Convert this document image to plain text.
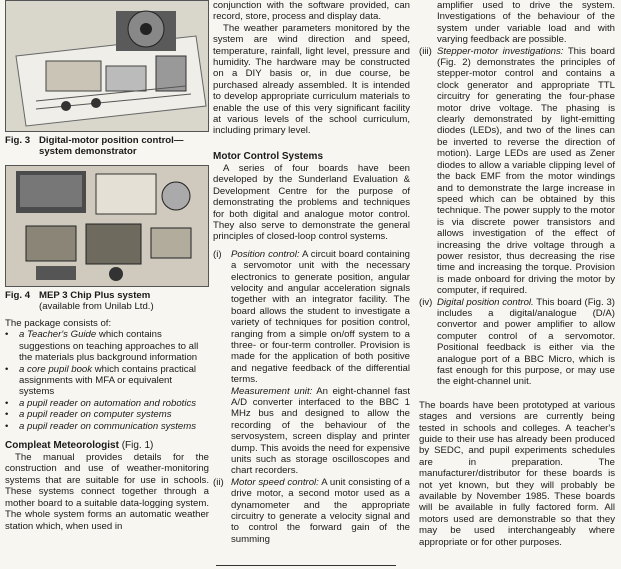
Fig. 3 Digital-motor position control—system demonstrator
Fig. 4 MEP 3 Chip Plus system
(available from Unilab Ltd.)

The package consists of:

•	a Teacher's Guide which contains suggestions on teaching approaches to all the materials plus background information
•	a core pupil book which contains practical assignments with MFA or equivalent systems
•	a pupil reader on automation and robotics
•	a pupil reader on computer systems
•	a pupil reader on communication systems
Compleat Meteorologist (Fig. 1)

The manual provides details for the construction and use of weather-monitoring systems that are suitable for use in schools. These systems connect together through a mother board to a suitable data-logging system. The whole system forms an automatic weather station which, when used in

conjunction with the software provided, can record, store, process and display data.

The weather parameters monitored by the system are wind direction and speed, temperature, rainfall, light level, pressure and humidity. The hardware may be constructed on a DIY basis or, in due course, be purchased already assembled. It is intended to develop appropriate curriculum materials to enable the use of this very significant facility at various levels of the school curriculum, including primary level.

Motor Control Systems

A series of four boards have been developed by the Sunderland Evaluation & Development Centre for the purpose of demonstrating the problems and techniques for both digital and analogue motor control. They also serve to demonstrate the general principles of closed-loop control systems.

(i) Position control: A circuit board containing a servomotor unit with the necessary electronics to generate position, angular velocity and angular acceleration signals together with an integrator facility. The board allows the student to investigate a variety of techniques for position control, ranging from a simple on/off system to a three- or four-term controller. Provision is made for the application of both positive and negative feedback of the differential terms.

Measurement unit: An eight-channel fast A/D converter interfaced to the BBC 1 MHz bus and designed to allow the recording of the behaviour of the servosystem, screen display and printer dump. This avoids the need for expensive units such as storage oscilloscopes and chart recorders.

(ii) Motor speed control: A unit consisting of a drive motor, a second motor used as a dynamometer and the appropriate circuitry to generate a velocity signal and to control the forward gain of the summing

amplifier used to drive the system. Investigations of the behaviour of the system under variable load and with varying feedback are possible.

(iii) Stepper-motor investigations: This board (Fig. 2) demonstrates the principles of stepper-motor control and contains a clock generator and appropriate TTL circuitry for generating the four-phase motor drive voltage. The phasing is clearly demonstrated by light-emitting diodes (LEDs), and two of the lines can be inverted to reverse the direction of motion). Large LEDs are used as Zener diodes to allow a variable clipping level of the back EMF from the motor windings and to demonstrate the large increase in speed which can be obtained by this technique. The power supply to the motor is via discrete power transistors and allows investigation of the effect of increasing the drive voltage through a power resistor, thus decreasing the rise time and increasing the torque. Provision is made onboard for driving the motor by computer, if required.

(iv) Digital position control. This board (Fig. 3) includes a digital/analogue (D/A) convertor and power amplifier to allow computer control of a servomotor. Positional feedback is either via the analogue port of a BBC Micro, which is fast enough for this purpose, or may use the eight-channel unit.

The boards have been prototyped at various stages and versions are currently being tested in schools and colleges. A teacher's guide to their use has already been produced by SEDC, and pupil experiments schedules are in preparation. The manufacturer/distributor for these boards is not yet known, but they will probably be available by November 1985. These boards will be available in fully factored form. All motors used are demonstrable so that they may be used interchangeably where appropriate or for other purposes.
